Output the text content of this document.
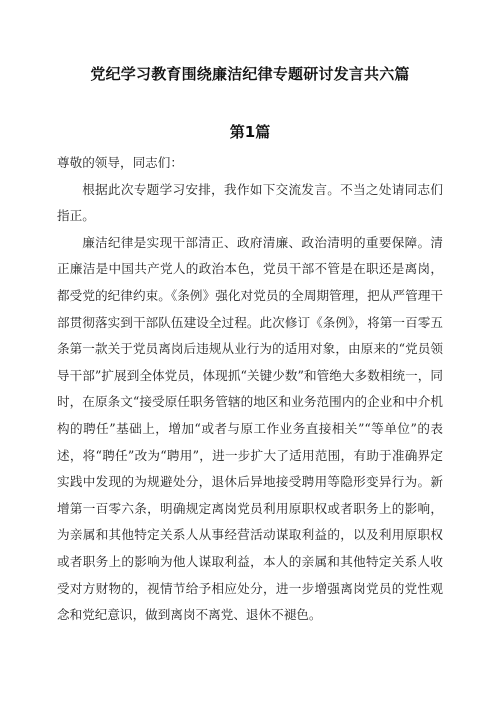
党纪学习教育围绕廉洁纪律专题研讨发言共六篇
第1篇

尊敬的领导，同志们：

根据此次专题学习安排，我作如下交流发言。不当之处请同志们指正。

廉洁纪律是实现干部清正、政府清廉、政治清明的重要保障。清正廉洁是中国共产党人的政治本色，党员干部不管是在职还是离岗，都受党的纪律约束。《条例》强化对党员的全周期管理，把从严管理干部贯彻落实到干部队伍建设全过程。此次修订《条例》，将第一百零五条第一款关于党员离岗后违规从业行为的适用对象，由原来的“党员领导干部”扩展到全体党员，体现抓“关键少数”和管绝大多数相统一，同时，在原条文“接受原任职务管辖的地区和业务范围内的企业和中介机构的聘任”基础上，增加“或者与原工作业务直接相关”“等单位”的表述，将“聘任”改为“聘用”，进一步扩大了适用范围，有助于准确界定实践中发现的为规避处分，退休后异地接受聘用等隐形变异行为。新增第一百零六条，明确规定离岗党员利用原职权或者职务上的影响，为亲属和其他特定关系人从事经营活动谋取利益的，以及利用原职权或者职务上的影响为他人谋取利益，本人的亲属和其他特定关系人收受对方财物的，视情节给予相应处分，进一步增强离岗党员的党性观念和党纪意识，做到离岗不离党、退休不褪色。
